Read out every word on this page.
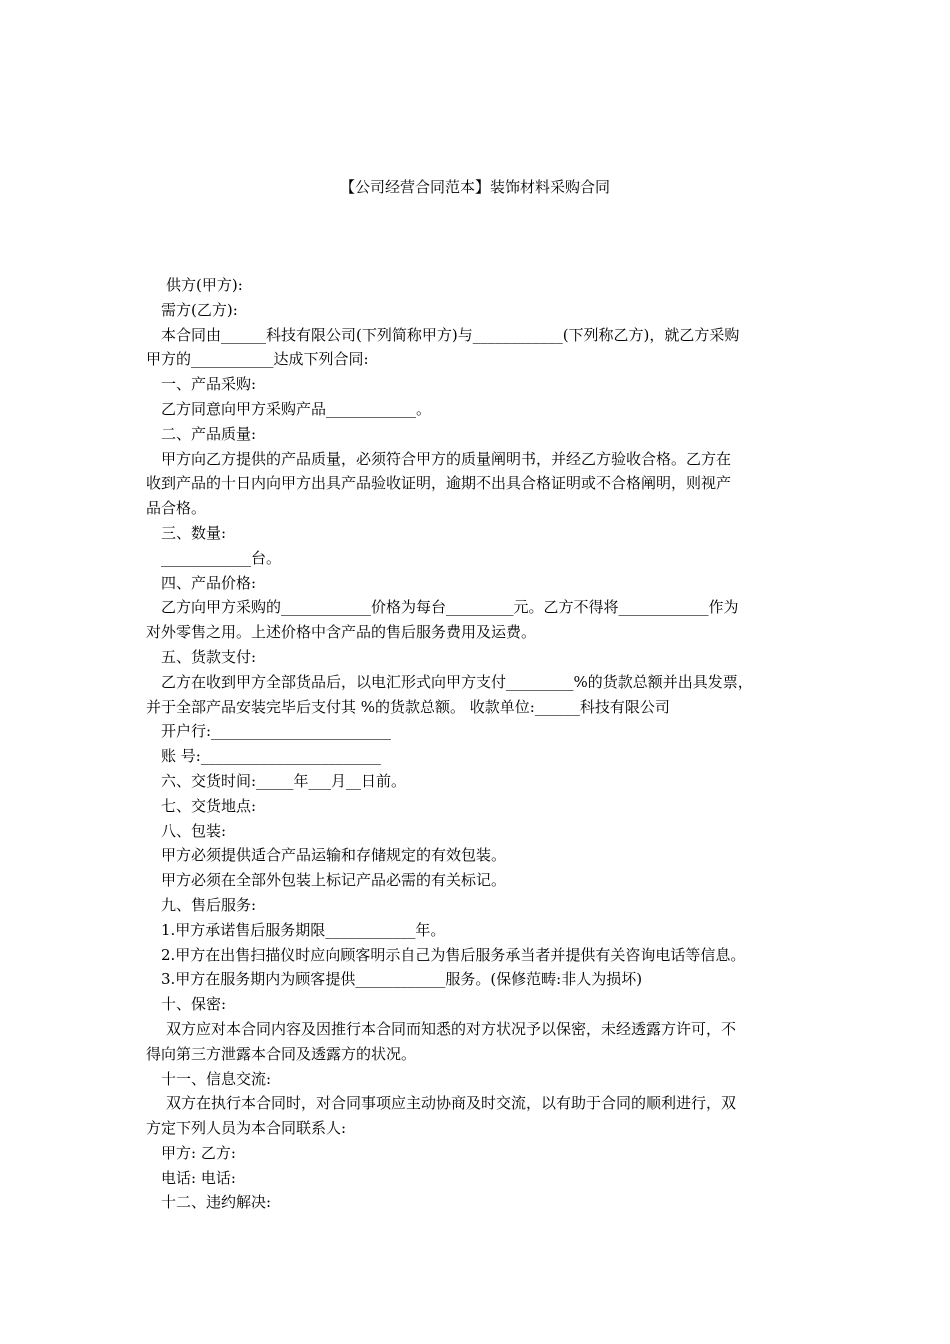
【公司经营合同范本】装饰材料采购合同
供方(甲方):
需方(乙方):
本合同由______科技有限公司(下列简称甲方)与____________(下列称乙方)，就乙方采购
甲方的___________达成下列合同:
一、产品采购:
乙方同意向甲方采购产品____________。
二、产品质量:
甲方向乙方提供的产品质量，必须符合甲方的质量阐明书，并经乙方验收合格。乙方在
收到产品的十日内向甲方出具产品验收证明，逾期不出具合格证明或不合格阐明，则视产
品合格。
三、数量:
____________台。
四、产品价格:
乙方向甲方采购的____________价格为每台_________元。乙方不得将____________作为
对外零售之用。上述价格中含产品的售后服务费用及运费。
五、货款支付:
乙方在收到甲方全部货品后，以电汇形式向甲方支付_________%的货款总额并出具发票，
并于全部产品安装完毕后支付其 %的货款总额。 收款单位:______科技有限公司
开户行:________________________
账 号:________________________
六、交货时间:_____年___月__日前。
七、交货地点:
八、包装:
甲方必须提供适合产品运输和存储规定的有效包装。
甲方必须在全部外包装上标记产品必需的有关标记。
九、售后服务:
1.甲方承诺售后服务期限____________年。
2.甲方在出售扫描仪时应向顾客明示自己为售后服务承当者并提供有关咨询电话等信息。
3.甲方在服务期内为顾客提供____________服务。(保修范畴:非人为损坏)
十、保密:
双方应对本合同内容及因推行本合同而知悉的对方状况予以保密，未经透露方许可，不
得向第三方泄露本合同及透露方的状况。
十一、信息交流:
双方在执行本合同时，对合同事项应主动协商及时交流，以有助于合同的顺利进行，双
方定下列人员为本合同联系人:
甲方: 乙方:
电话: 电话:
十二、违约解决:
